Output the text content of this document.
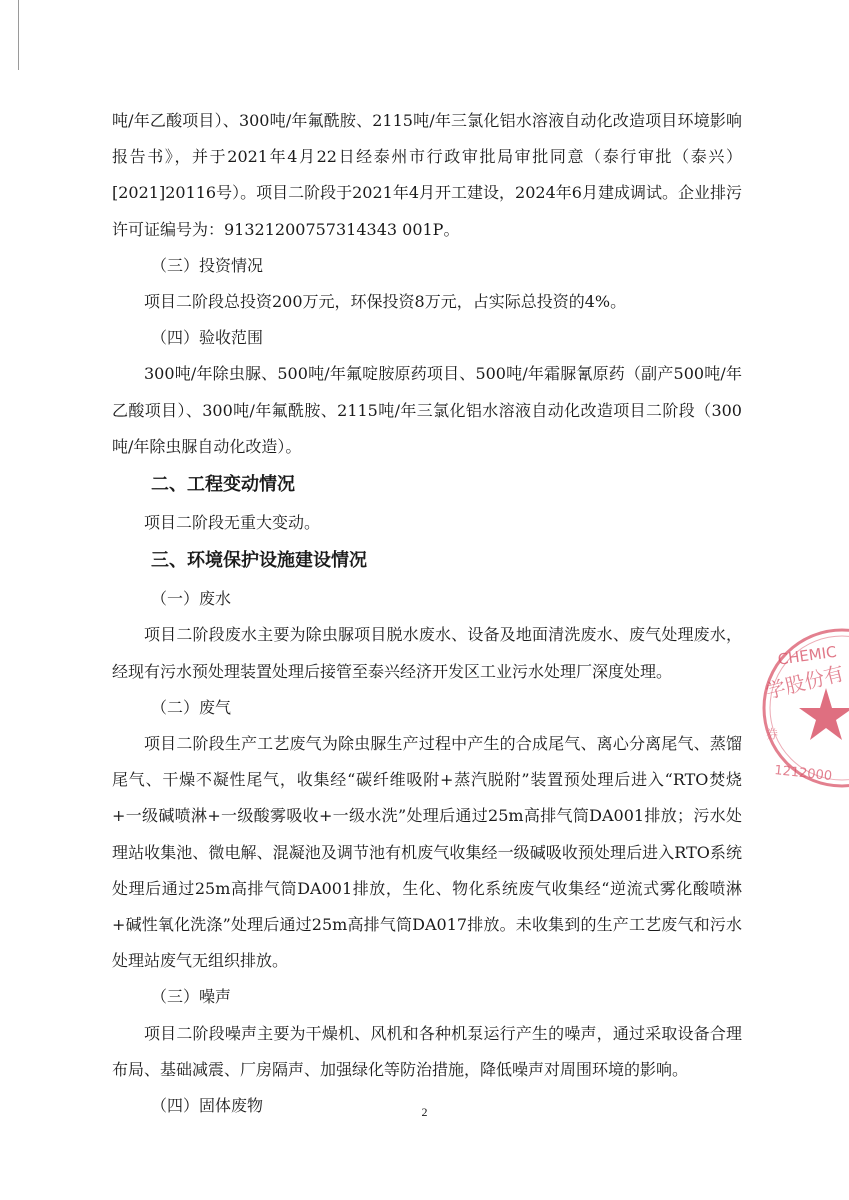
吨/年乙酸项目）、300吨/年氟酰胺、2115吨/年三氯化铝水溶液自动化改造项目环境影响报告书》，并于2021年4月22日经泰州市行政审批局审批同意（泰行审批（泰兴）[2021]20116号）。项目二阶段于2021年4月开工建设，2024年6月建成调试。企业排污许可证编号为：91321200757314343 001P。

（三）投资情况

项目二阶段总投资200万元，环保投资8万元，占实际总投资的4%。

（四）验收范围

300吨/年除虫脲、500吨/年氟啶胺原药项目、500吨/年霜脲氰原药（副产500吨/年乙酸项目）、300吨/年氟酰胺、2115吨/年三氯化铝水溶液自动化改造项目二阶段（300吨/年除虫脲自动化改造）。

二、工程变动情况

项目二阶段无重大变动。

三、环境保护设施建设情况

（一）废水

项目二阶段废水主要为除虫脲项目脱水废水、设备及地面清洗废水、废气处理废水，经现有污水预处理装置处理后接管至泰兴经济开发区工业污水处理厂深度处理。

（二）废气

项目二阶段生产工艺废气为除虫脲生产过程中产生的合成尾气、离心分离尾气、蒸馏尾气、干燥不凝性尾气，收集经“碳纤维吸附+蒸汽脱附”装置预处理后进入“RTO焚烧+一级碱喷淋+一级酸雾吸收+一级水洗”处理后通过25m高排气筒DA001排放；污水处理站收集池、微电解、混凝池及调节池有机废气收集经一级碱吸收预处理后进入RTO系统处理后通过25m高排气筒DA001排放，生化、物化系统废气收集经“逆流式雾化酸喷淋+碱性氧化洗涤”处理后通过25m高排气筒DA017排放。未收集到的生产工艺废气和污水处理站废气无组织排放。

（三）噪声

项目二阶段噪声主要为干燥机、风机和各种机泵运行产生的噪声，通过采取设备合理布局、基础减震、厂房隔声、加强绿化等防治措施，降低噪声对周围环境的影响。

（四）固体废物	2
CHEMIC
学股份有
券
1212000
